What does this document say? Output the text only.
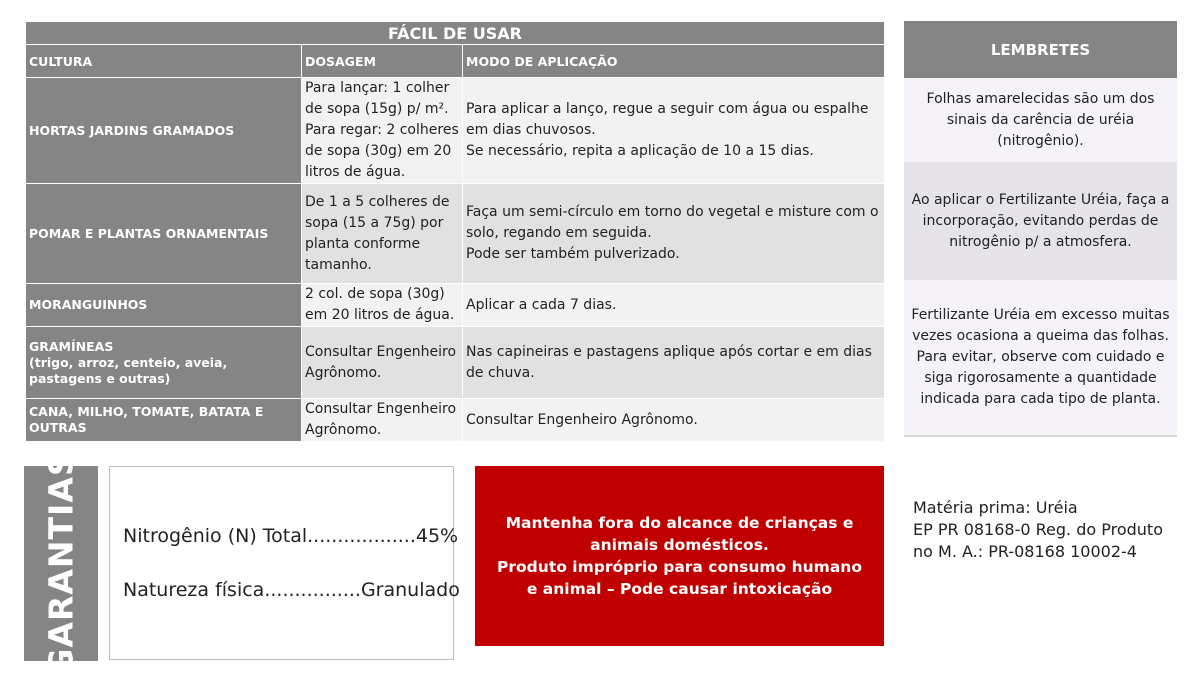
FÁCIL DE USAR		
CULTURA	DOSAGEM	MODO DE APLICAÇÃO
HORTAS JARDINS GRAMADOS	Para lançar: 1 colher de sopa (15g) p/ m². Para regar: 2 colheres de sopa (30g) em 20 litros de água.	Para aplicar a lanço, regue a seguir com água ou espalhe em dias chuvosos.
Se necessário, repita a aplicação de 10 a 15 dias.

POMAR E PLANTAS ORNAMENTAIS	De 1 a 5 colheres de sopa (15 a 75g) por planta conforme tamanho.	Faça um semi-círculo em torno do vegetal e misture com o solo, regando em seguida.
Pode ser também pulverizado.

MORANGUINHOS	2 col. de sopa (30g) em 20 litros de água.	Aplicar a cada 7 dias.

GRAMÍNEAS
(trigo, arroz, centeio, aveia, pastagens e outras)	Consultar Engenheiro Agrônomo.	Nas capineiras e pastagens aplique após cortar e em dias de chuva.

CANA, MILHO, TOMATE, BATATA E OUTRAS	Consultar Engenheiro Agrônomo.	Consultar Engenheiro Agrônomo.
LEMBRETES
Folhas amarelecidas são um dos sinais da carência de uréia (nitrogênio).
Ao aplicar o Fertilizante Uréia, faça a incorporação, evitando perdas de nitrogênio p/ a atmosfera.
Fertilizante Uréia em excesso muitas vezes ocasiona a queima das folhas. Para evitar, observe com cuidado e siga rigorosamente a quantidade indicada para cada tipo de planta.
GARANTIAS Nitrogênio (N) Total..................45%
Natureza física................Granulado
Mantenha fora do alcance de crianças e animais domésticos.
Produto impróprio para consumo humano e animal – Pode causar intoxicação
Matéria prima: Uréia
EP PR 08168-0 Reg. do Produto
no M. A.: PR-08168 10002-4
